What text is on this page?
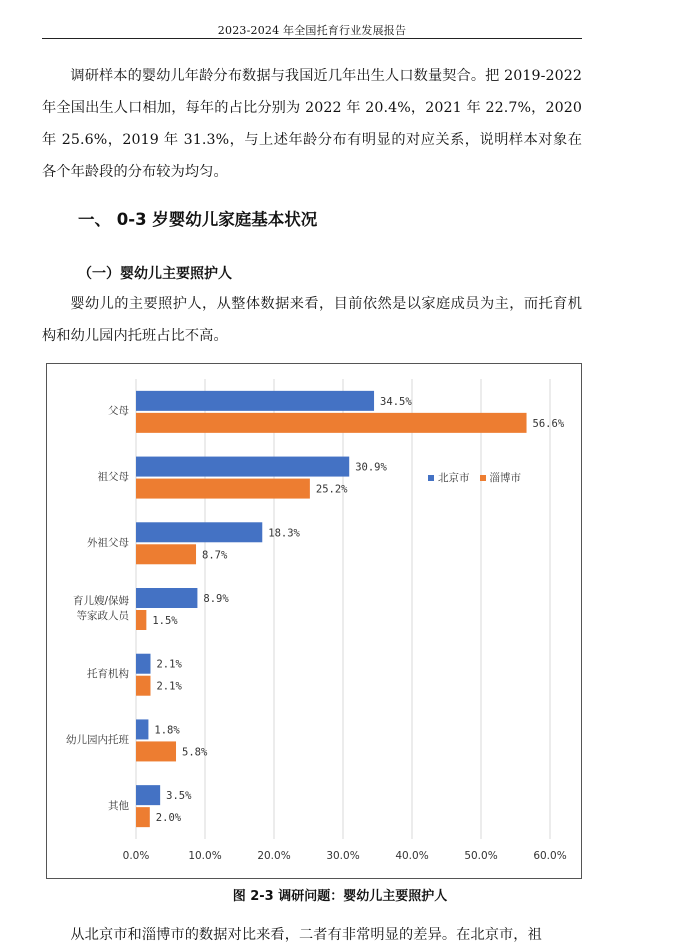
2023-2024 年全国托育行业发展报告
调研样本的婴幼儿年龄分布数据与我国近几年出生人口数量契合。把 2019-2022 年全国出生人口相加，每年的占比分别为 2022 年 20.4%，2021 年 22.7%，2020 年 25.6%，2019 年 31.3%，与上述年龄分布有明显的对应关系，说明样本对象在各个年龄段的分布较为均匀。
一、 0-3 岁婴幼儿家庭基本状况
（一）婴幼儿主要照护人
婴幼儿的主要照护人，从整体数据来看，目前依然是以家庭成员为主，而托育机构和幼儿园内托班占比不高。
0.0%	10.0%	20.0%	30.0%	40.0%	50.0%	60.0%
34.5%
56.6%
30.9%
25.2%
18.3%
8.7%
8.9%
1.5%
2.1%
2.1%
1.8%
5.8%
3.5%
2.0%
北京市 淄博市
父母
祖父母
外祖父母
育儿嫂/保姆
等家政人员
托育机构
幼儿园内托班
其他
图 2-3 调研问题：婴幼儿主要照护人
从北京市和淄博市的数据对比来看，二者有非常明显的差异。在北京市，祖
